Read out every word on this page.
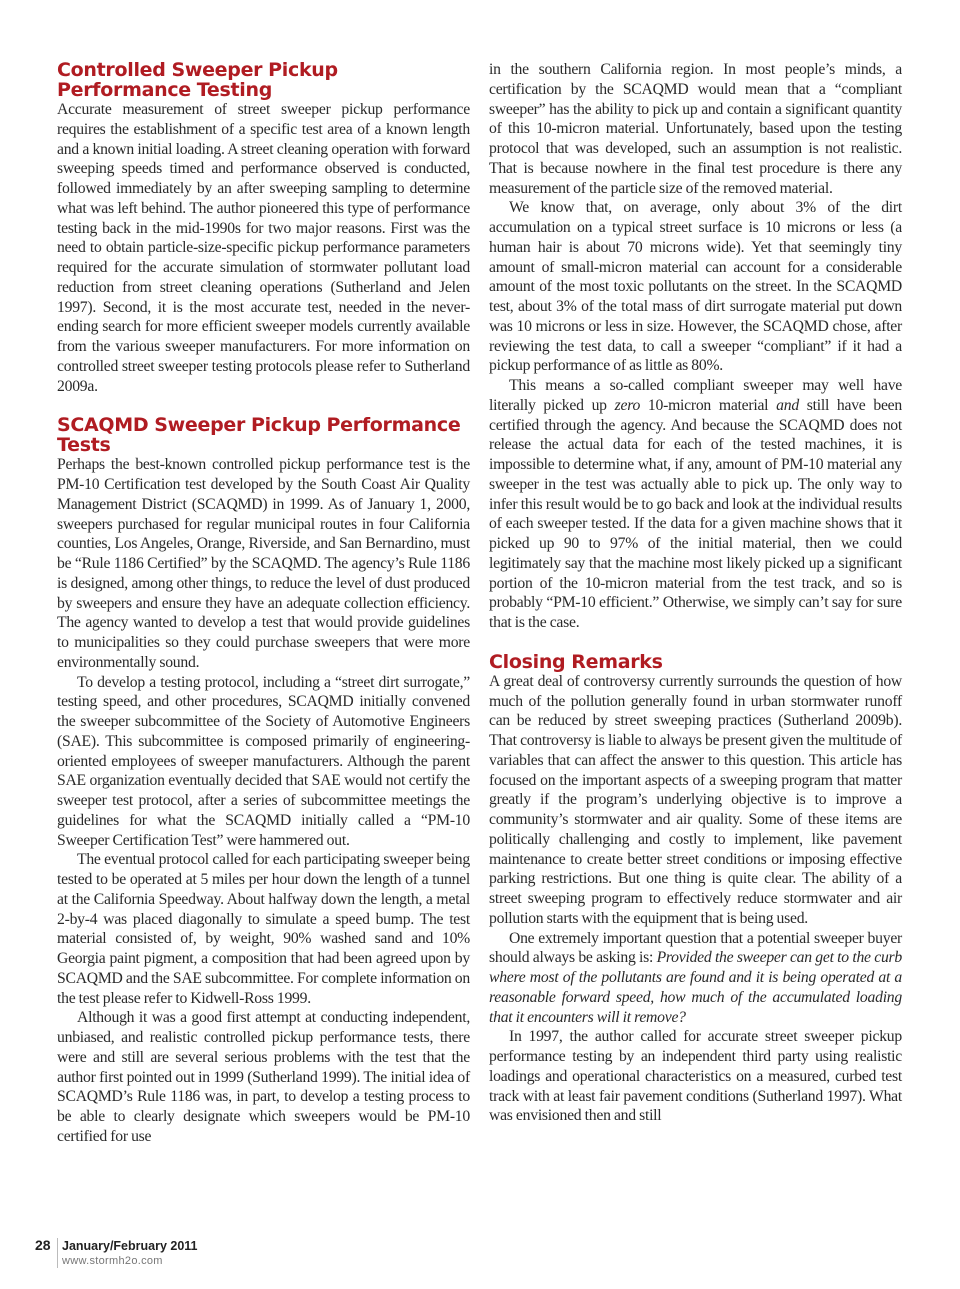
Controlled Sweeper Pickup Performance Testing

Accurate measurement of street sweeper pickup performance requires the establishment of a specific test area of a known length and a known initial loading. A street cleaning operation with forward sweeping speeds timed and performance observed is conducted, followed immediately by an after sweeping sampling to determine what was left behind. The author pioneered this type of performance testing back in the mid-1990s for two major reasons. First was the need to obtain particle-size-specific pickup performance parameters required for the accurate simulation of stormwater pollutant load reduction from street cleaning operations (Sutherland and Jelen 1997). Second, it is the most accurate test, needed in the never-ending search for more efficient sweeper models currently available from the various sweeper manufacturers. For more information on controlled street sweeper testing protocols please refer to Sutherland 2009a.

SCAQMD Sweeper Pickup Performance Tests

Perhaps the best-known controlled pickup performance test is the PM-10 Certification test developed by the South Coast Air Quality Management District (SCAQMD) in 1999. As of January 1, 2000, sweepers purchased for regular municipal routes in four California counties, Los Angeles, Orange, Riverside, and San Bernardino, must be “Rule 1186 Certified” by the SCAQMD. The agency’s Rule 1186 is designed, among other things, to reduce the level of dust produced by sweepers and ensure they have an adequate collection efficiency. The agency wanted to develop a test that would provide guidelines to municipalities so they could purchase sweepers that were more environmentally sound.

To develop a testing protocol, including a “street dirt surrogate,” testing speed, and other procedures, SCAQMD initially convened the sweeper subcommittee of the Society of Automotive Engineers (SAE). This subcommittee is composed primarily of engineering-oriented employees of sweeper manufacturers. Although the parent SAE organization eventually decided that SAE would not certify the sweeper test protocol, after a series of subcommittee meetings the guidelines for what the SCAQMD initially called a “PM-10 Sweeper Certification Test” were hammered out.

The eventual protocol called for each participating sweeper being tested to be operated at 5 miles per hour down the length of a tunnel at the California Speedway. About halfway down the length, a metal 2-by-4 was placed diagonally to simulate a speed bump. The test material consisted of, by weight, 90% washed sand and 10% Georgia paint pigment, a composition that had been agreed upon by SCAQMD and the SAE subcommittee. For complete information on the test please refer to Kidwell-Ross 1999.

Although it was a good first attempt at conducting independent, unbiased, and realistic controlled pickup performance tests, there were and still are several serious problems with the test that the author first pointed out in 1999 (Sutherland 1999). The initial idea of SCAQMD’s Rule 1186 was, in part, to develop a testing process to be able to clearly designate which sweepers would be PM-10 certified for use

in the southern California region. In most people’s minds, a certification by the SCAQMD would mean that a “compliant sweeper” has the ability to pick up and contain a significant quantity of this 10-micron material. Unfortunately, based upon the testing protocol that was developed, such an assumption is not realistic. That is because nowhere in the final test procedure is there any measurement of the particle size of the removed material.

We know that, on average, only about 3% of the dirt accumulation on a typical street surface is 10 microns or less (a human hair is about 70 microns wide). Yet that seemingly tiny amount of small-micron material can account for a considerable amount of the most toxic pollutants on the street. In the SCAQMD test, about 3% of the total mass of dirt surrogate material put down was 10 microns or less in size. However, the SCAQMD chose, after reviewing the test data, to call a sweeper “compliant” if it had a pickup performance of as little as 80%.

This means a so-called compliant sweeper may well have literally picked up zero 10-micron material and still have been certified through the agency. And because the SCAQMD does not release the actual data for each of the tested machines, it is impossible to determine what, if any, amount of PM-10 material any sweeper in the test was actually able to pick up. The only way to infer this result would be to go back and look at the individual results of each sweeper tested. If the data for a given machine shows that it picked up 90 to 97% of the initial material, then we could legitimately say that the machine most likely picked up a significant portion of the 10-micron material from the test track, and so is probably “PM-10 efficient.” Otherwise, we simply can’t say for sure that is the case.

Closing Remarks

A great deal of controversy currently surrounds the question of how much of the pollution generally found in urban stormwater runoff can be reduced by street sweeping practices (Sutherland 2009b). That controversy is liable to always be present given the multitude of variables that can affect the answer to this question. This article has focused on the important aspects of a sweeping program that matter greatly if the program’s underlying objective is to improve a community’s stormwater and air quality. Some of these items are politically challenging and costly to implement, like pavement maintenance to create better street conditions or imposing effective parking restrictions. But one thing is quite clear. The ability of a street sweeping program to effectively reduce stormwater and air pollution starts with the equipment that is being used.

One extremely important question that a potential sweeper buyer should always be asking is: Provided the sweeper can get to the curb where most of the pollutants are found and it is being operated at a reasonable forward speed, how much of the accumulated loading that it encounters will it remove?

In 1997, the author called for accurate street sweeper pickup performance testing by an independent third party using realistic loadings and operational characteristics on a measured, curbed test track with at least fair pavement conditions (Sutherland 1997). What was envisioned then and still

28 January/February 2011
www.stormh2o.com
